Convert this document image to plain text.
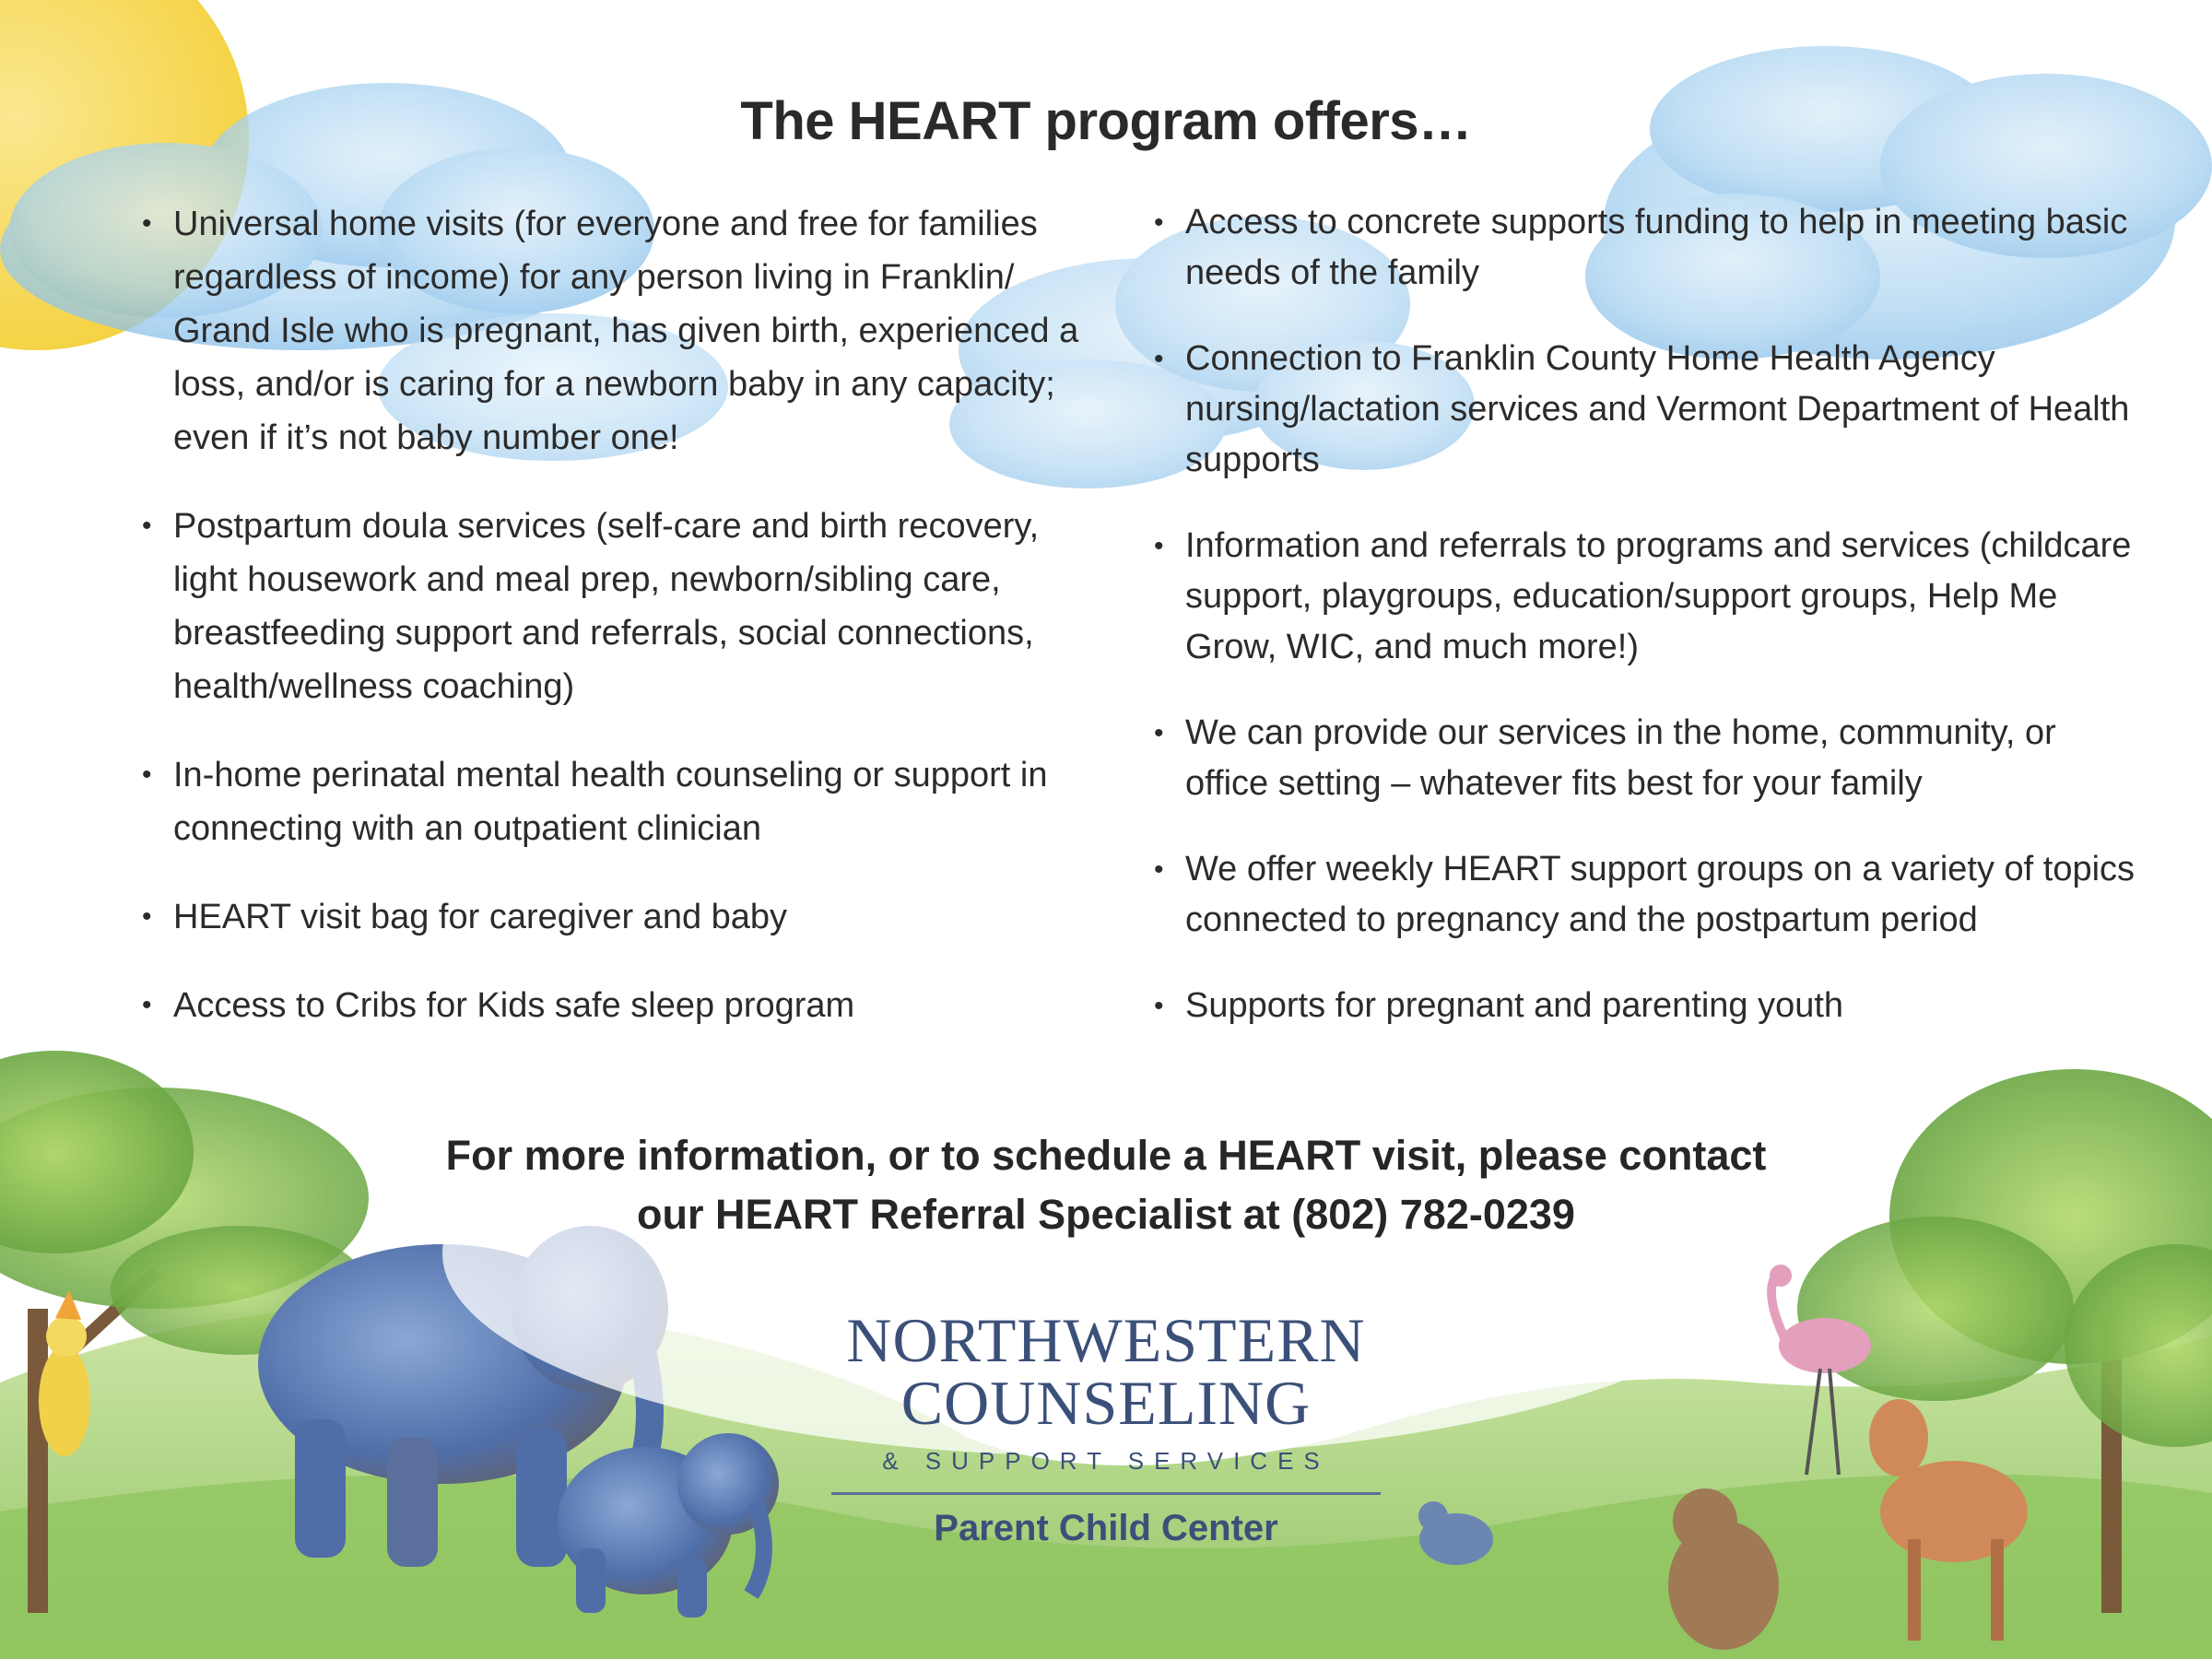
The HEART program offers…
• Universal home visits (for everyone and free for families regardless of income) for any person living in Franklin/ Grand Isle who is pregnant, has given birth, experienced a loss, and/or is caring for a newborn baby in any capacity; even if it’s not baby number one!
• Postpartum doula services (self-care and birth recovery, light housework and meal prep, newborn/sibling care, breastfeeding support and referrals, social connections, health/wellness coaching)
• In-home perinatal mental health counseling or support in connecting with an outpatient clinician
• HEART visit bag for caregiver and baby
• Access to Cribs for Kids safe sleep program
• Access to concrete supports funding to help in meeting basic needs of the family
• Connection to Franklin County Home Health Agency nursing/lactation services and Vermont Department of Health supports
• Information and referrals to programs and services (childcare support, playgroups, education/support groups, Help Me Grow, WIC, and much more!)
• We can provide our services in the home, community, or office setting – whatever fits best for your family
• We offer weekly HEART support groups on a variety of topics connected to pregnancy and the postpartum period
• Supports for pregnant and parenting youth
For more information, or to schedule a HEART visit, please contact
our HEART Referral Specialist at (802) 782-0239
NORTHWESTERN
COUNSELING
& SUPPORT SERVICES
Parent Child Center
